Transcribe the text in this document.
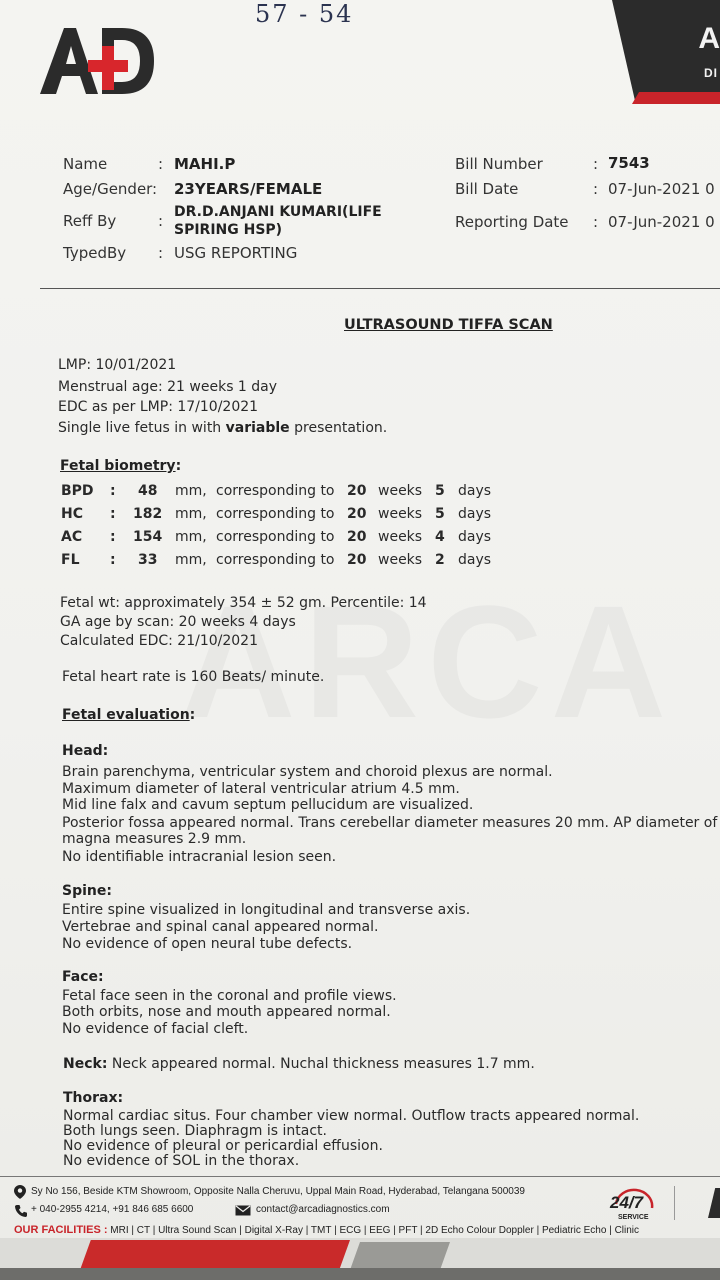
A
DI
57 - 54
Name	: MAHI.P
Age/Gender : 23YEARS/FEMALE
Reff By	: DR.D.ANJANI KUMARI(LIFE
SPIRING HSP)
TypedBy : USG REPORTING
Bill Number	: 7543
Bill Date	: 07-Jun-2021 0
Reporting Date : 07-Jun-2021 0
ULTRASOUND TIFFA SCAN
LMP: 10/01/2021
Menstrual age: 21 weeks 1 day
EDC as per LMP: 17/10/2021
Single live fetus in with variable presentation.
Fetal biometry:
BPD : 48 mm, corresponding to 20 weeks 5 days
HC : 182 mm, corresponding to 20 weeks 5 days
AC : 154 mm, corresponding to 20 weeks 4 days
FL : 33 mm, corresponding to 20 weeks 2 days
Fetal wt: approximately 354 ± 52 gm. Percentile: 14
GA age by scan: 20 weeks 4 days
Calculated EDC: 21/10/2021
Fetal heart rate is 160 Beats/ minute.
Fetal evaluation:
Head:
Brain parenchyma, ventricular system and choroid plexus are normal.
Maximum diameter of lateral ventricular atrium 4.5 mm.
Mid line falx and cavum septum pellucidum are visualized.
Posterior fossa appeared normal. Trans cerebellar diameter measures 20 mm. AP diameter of
magna measures 2.9 mm.
No identifiable intracranial lesion seen.
Spine:
Entire spine visualized in longitudinal and transverse axis.
Vertebrae and spinal canal appeared normal.
No evidence of open neural tube defects.
Face:
Fetal face seen in the coronal and profile views.
Both orbits, nose and mouth appeared normal.
No evidence of facial cleft.
Neck: Neck appeared normal. Nuchal thickness measures 1.7 mm.
Thorax:
Normal cardiac situs. Four chamber view normal. Outflow tracts appeared normal.
Both lungs seen. Diaphragm is intact.
No evidence of pleural or pericardial effusion.
No evidence of SOL in the thorax.
Sy No 156, Beside KTM Showroom, Opposite Nalla Cheruvu, Uppal Main Road, Hyderabad, Telangana 500039
+ 040-2955 4214, +91 846 685 6600	contact@arcadiagnostics.com	24/7
SERVICE
OUR FACILITIES : MRI | CT | Ultra Sound Scan | Digital X-Ray | TMT | ECG | EEG | PFT | 2D Echo Colour Doppler | Pediatric Echo | Clinic
